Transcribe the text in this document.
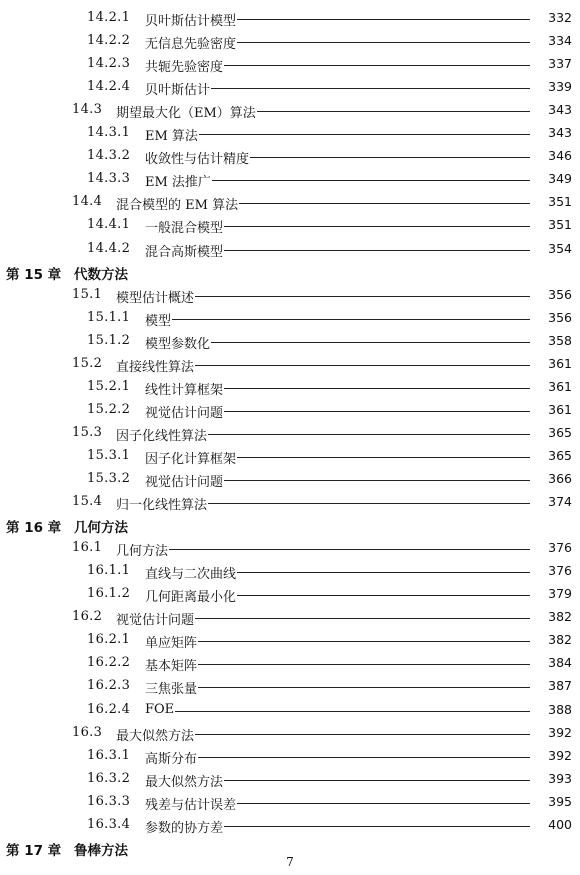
14.2.1 贝叶斯估计模型	332
14.2.2 无信息先验密度	334
14.2.3 共轭先验密度	337
14.2.4 贝叶斯估计	339
14.3 期望最大化（EM）算法	343
14.3.1 EM 算法	343
14.3.2 收敛性与估计精度	346
14.3.3 EM 法推广	349
14.4 混合模型的 EM 算法	351
14.4.1 一般混合模型	351
14.4.2 混合高斯模型	354
第 15 章 代数方法
15.1 模型估计概述	356
15.1.1 模型	356
15.1.2 模型参数化	358
15.2 直接线性算法	361
15.2.1 线性计算框架	361
15.2.2 视觉估计问题	361
15.3 因子化线性算法	365
15.3.1 因子化计算框架	365
15.3.2 视觉估计问题	366
15.4 归一化线性算法	374
第 16 章 几何方法
16.1 几何方法	376
16.1.1 直线与二次曲线	376
16.1.2 几何距离最小化	379
16.2 视觉估计问题	382
16.2.1 单应矩阵	382
16.2.2 基本矩阵	384
16.2.3 三焦张量	387
16.2.4 FOE	388
16.3 最大似然方法	392
16.3.1 高斯分布	392
16.3.2 最大似然方法	393
16.3.3 残差与估计误差	395
16.3.4 参数的协方差	400
第 17 章 鲁棒方法
7
